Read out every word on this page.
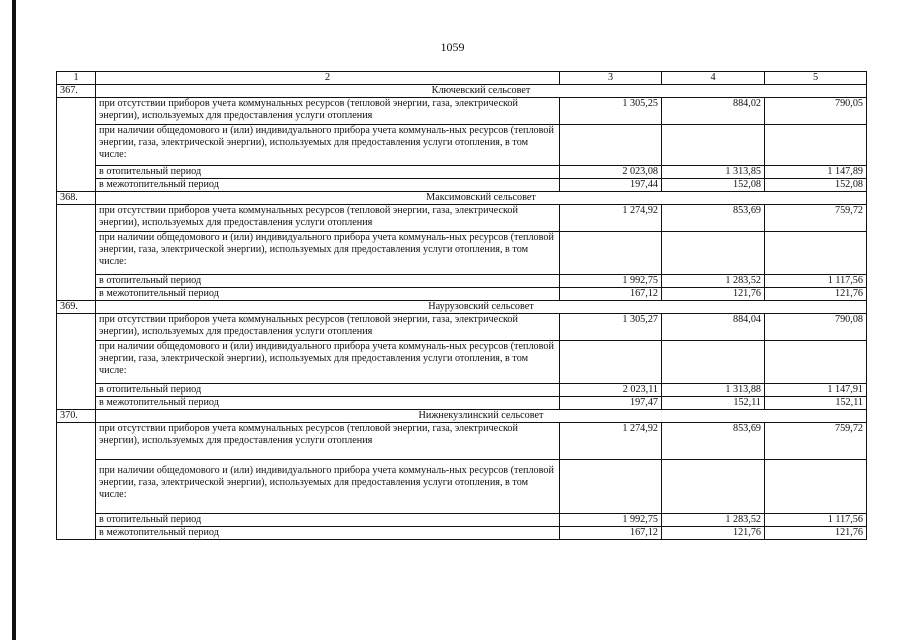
1059
1	2	3	4	5
367.	Ключевский сельсовет			
	при отсутствии приборов учета коммунальных ресурсов (тепловой энергии, газа, электрической энергии), используемых для предоставления услуги отопления	1 305,25	884,02	790,05
	при наличии общедомового и (или) индивидуального прибора учета коммуналь-ных ресурсов (тепловой энергии, газа, электрической энергии), используемых для предоставления услуги отопления, в том числе:			
	в отопительный период	2 023,08	1 313,85	1 147,89
	в межотопительный период	197,44	152,08	152,08
368.	Максимовский сельсовет			
	при отсутствии приборов учета коммунальных ресурсов (тепловой энергии, газа, электрической энергии), используемых для предоставления услуги отопления	1 274,92	853,69	759,72
	при наличии общедомового и (или) индивидуального прибора учета коммуналь-ных ресурсов (тепловой энергии, газа, электрической энергии), используемых для предоставления услуги отопления, в том числе:			
	в отопительный период	1 992,75	1 283,52	1 117,56
	в межотопительный период	167,12	121,76	121,76
369.	Наурузовский сельсовет			
	при отсутствии приборов учета коммунальных ресурсов (тепловой энергии, газа, электрической энергии), используемых для предоставления услуги отопления	1 305,27	884,04	790,08
	при наличии общедомового и (или) индивидуального прибора учета коммуналь-ных ресурсов (тепловой энергии, газа, электрической энергии), используемых для предоставления услуги отопления, в том числе:			
	в отопительный период	2 023,11	1 313,88	1 147,91
	в межотопительный период	197,47	152,11	152,11
370.	Нижнекузлинский сельсовет			
	при отсутствии приборов учета коммунальных ресурсов (тепловой энергии, газа, электрической энергии), используемых для предоставления услуги отопления	1 274,92	853,69	759,72
	при наличии общедомового и (или) индивидуального прибора учета коммуналь-ных ресурсов (тепловой энергии, газа, электрической энергии), используемых для предоставления услуги отопления, в том числе:			
	в отопительный период	1 992,75	1 283,52	1 117,56
	в межотопительный период	167,12	121,76	121,76
